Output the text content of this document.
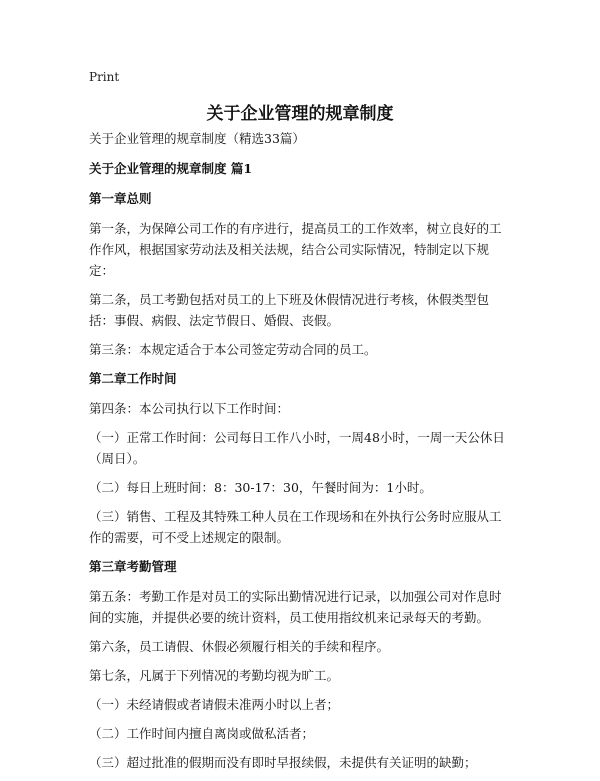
Print
关于企业管理的规章制度

关于企业管理的规章制度（精选33篇）

关于企业管理的规章制度 篇1

第一章总则

第一条，为保障公司工作的有序进行，提高员工的工作效率，树立良好的工作作风，根据国家劳动法及相关法规，结合公司实际情况，特制定以下规定：

第二条，员工考勤包括对员工的上下班及休假情况进行考核，休假类型包括：事假、病假、法定节假日、婚假、丧假。

第三条：本规定适合于本公司签定劳动合同的员工。

第二章工作时间

第四条：本公司执行以下工作时间：

（一）正常工作时间：公司每日工作八小时，一周48小时，一周一天公休日（周日）。

（二）每日上班时间：8：30-17：30，午餐时间为：1小时。

（三）销售、工程及其特殊工种人员在工作现场和在外执行公务时应服从工作的需要，可不受上述规定的限制。

第三章考勤管理

第五条：考勤工作是对员工的实际出勤情况进行记录，以加强公司对作息时间的实施，并提供必要的统计资料，员工使用指纹机来记录每天的考勤。

第六条，员工请假、休假必须履行相关的手续和程序。

第七条，凡属于下列情况的考勤均视为旷工。

（一）未经请假或者请假未准两小时以上者；

（二）工作时间内擅自离岗或做私活者；

（三）超过批准的假期而没有即时早报续假，未提供有关证明的缺勤；
